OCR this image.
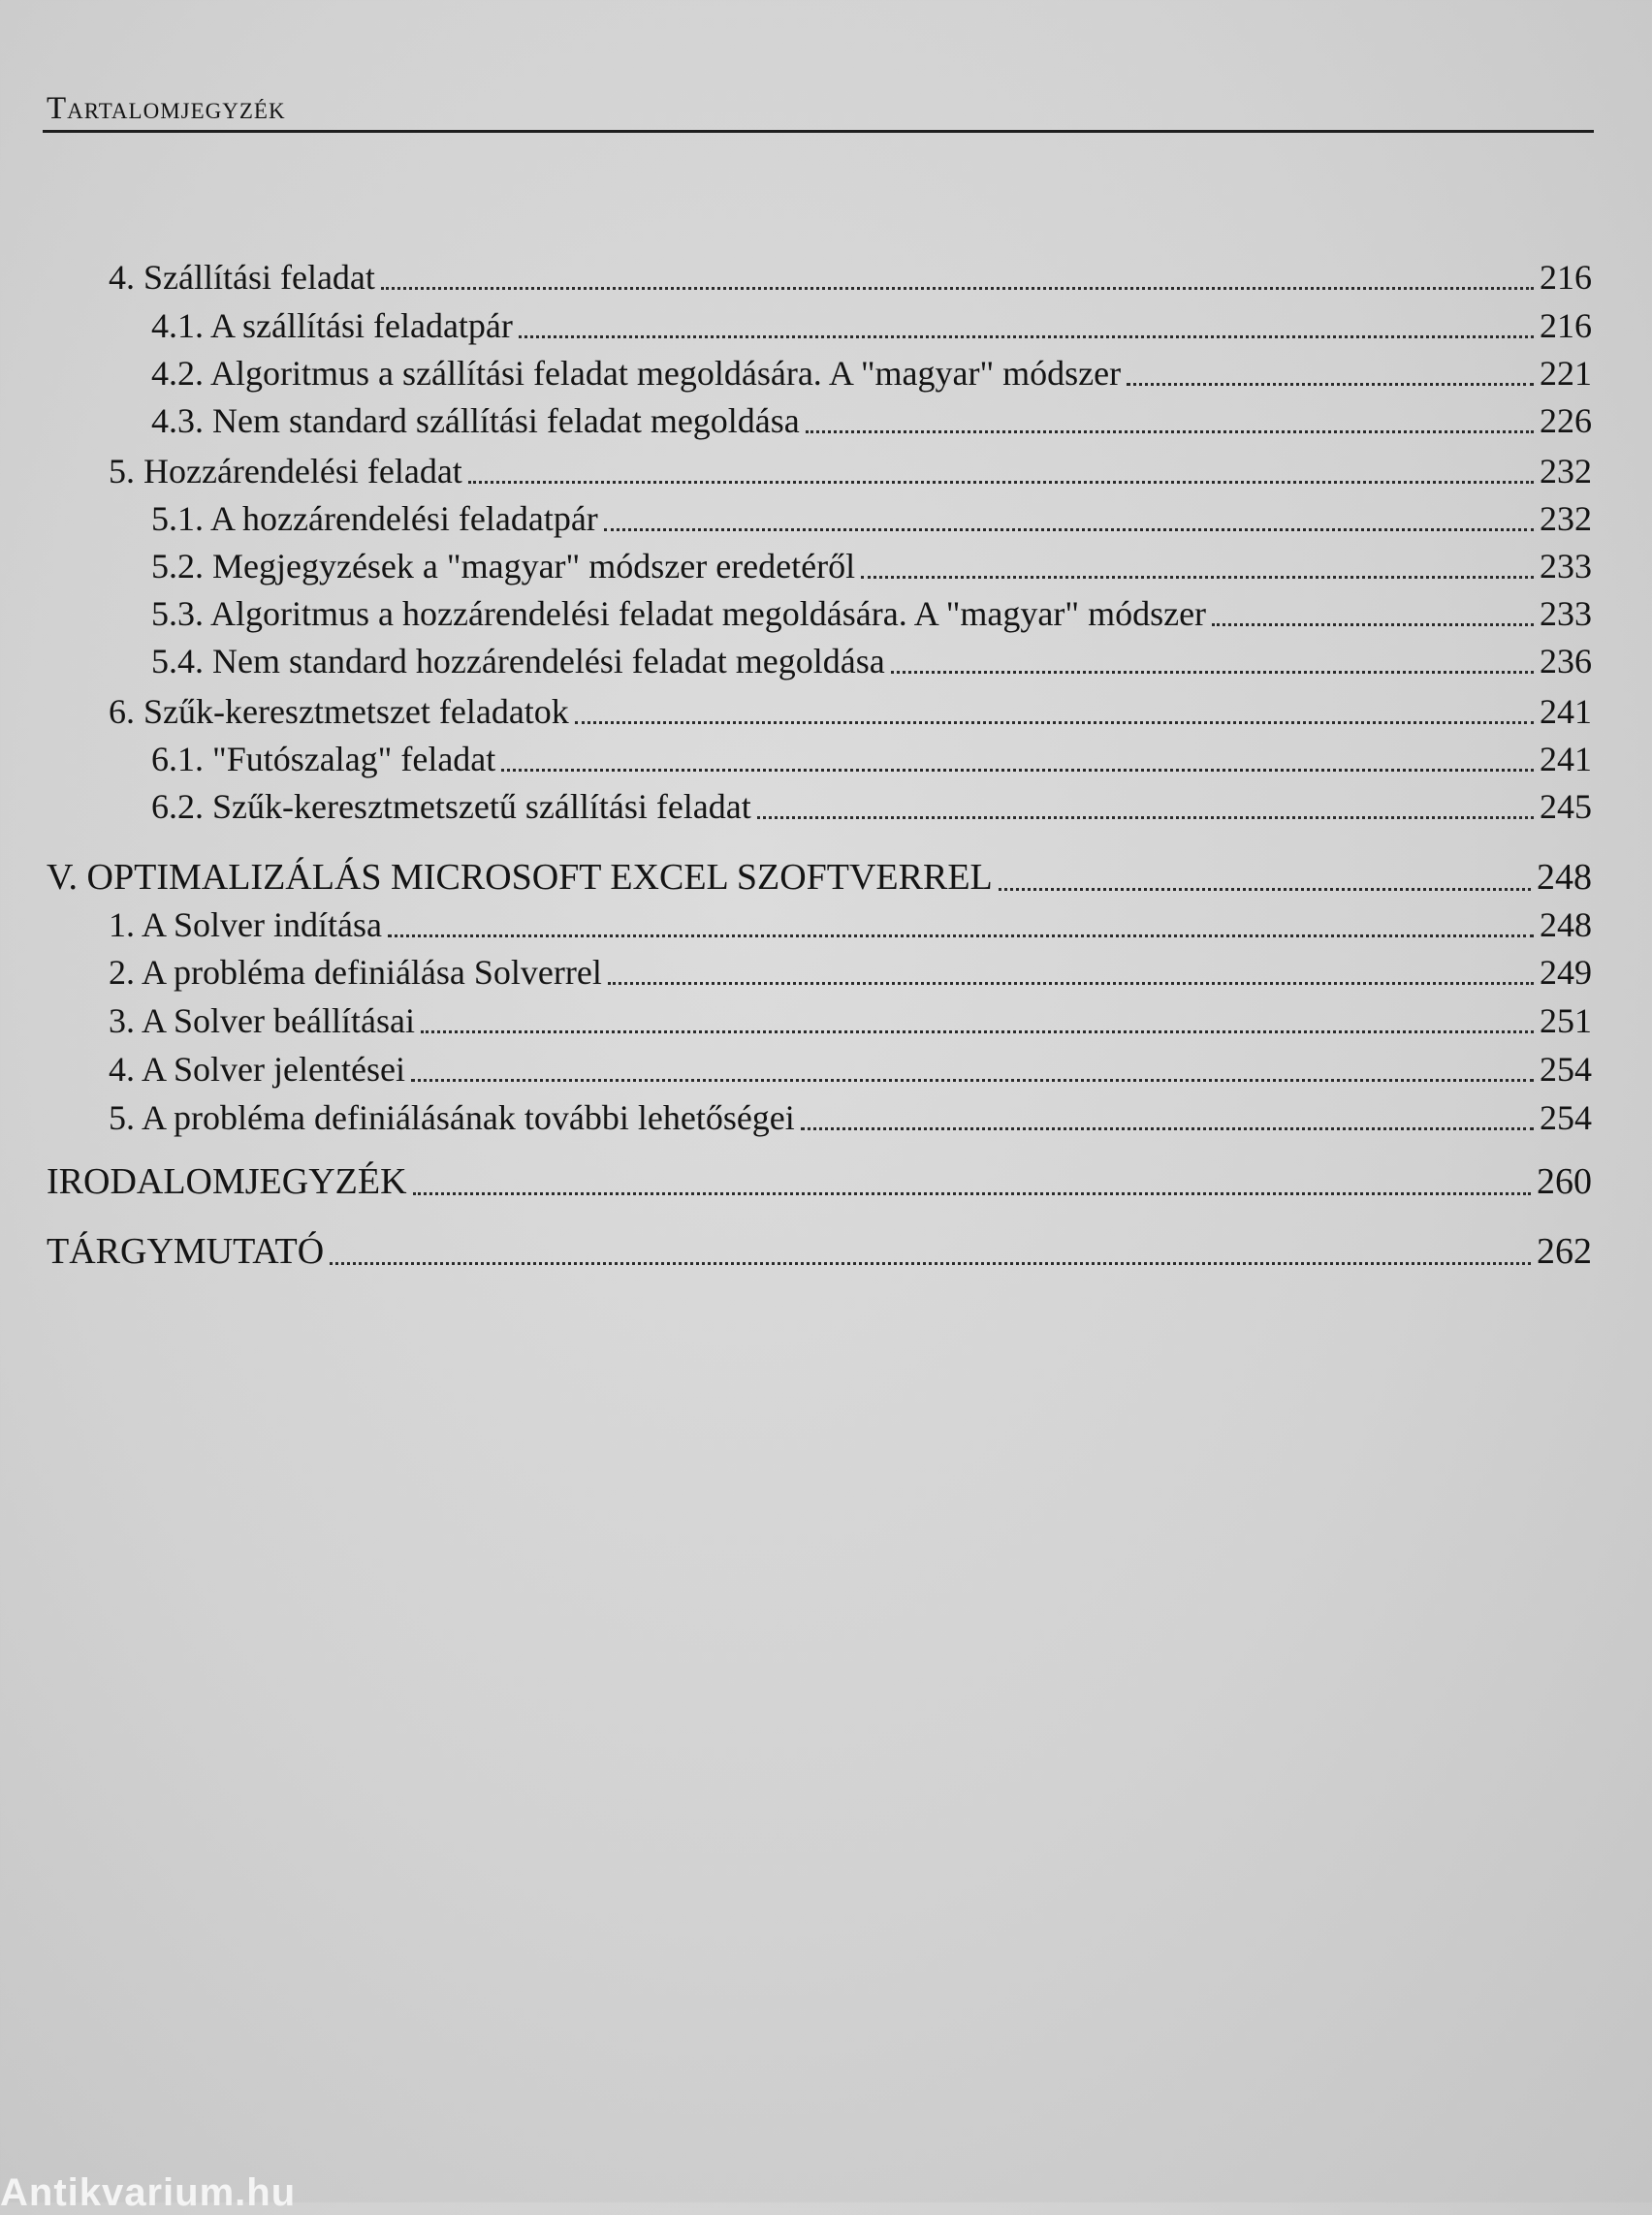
Tartalomjegyzék
4. Szállítási feladat	216
4.1. A szállítási feladatpár	216
4.2. Algoritmus a szállítási feladat megoldására. A "magyar" módszer	221
4.3. Nem standard szállítási feladat megoldása	226
5. Hozzárendelési feladat	232
5.1. A hozzárendelési feladatpár	232
5.2. Megjegyzések a "magyar" módszer eredetéről	233
5.3. Algoritmus a hozzárendelési feladat megoldására. A "magyar" módszer	233
5.4. Nem standard hozzárendelési feladat megoldása	236
6. Szűk-keresztmetszet feladatok	241
6.1. "Futószalag" feladat	241
6.2. Szűk-keresztmetszetű szállítási feladat	245
V. OPTIMALIZÁLÁS MICROSOFT EXCEL SZOFTVERREL	248
1. A Solver indítása	248
2. A probléma definiálása Solverrel	249
3. A Solver beállításai	251
4. A Solver jelentései	254
5. A probléma definiálásának további lehetőségei	254
IRODALOMJEGYZÉK	260
TÁRGYMUTATÓ	262
Antikvarium.hu
